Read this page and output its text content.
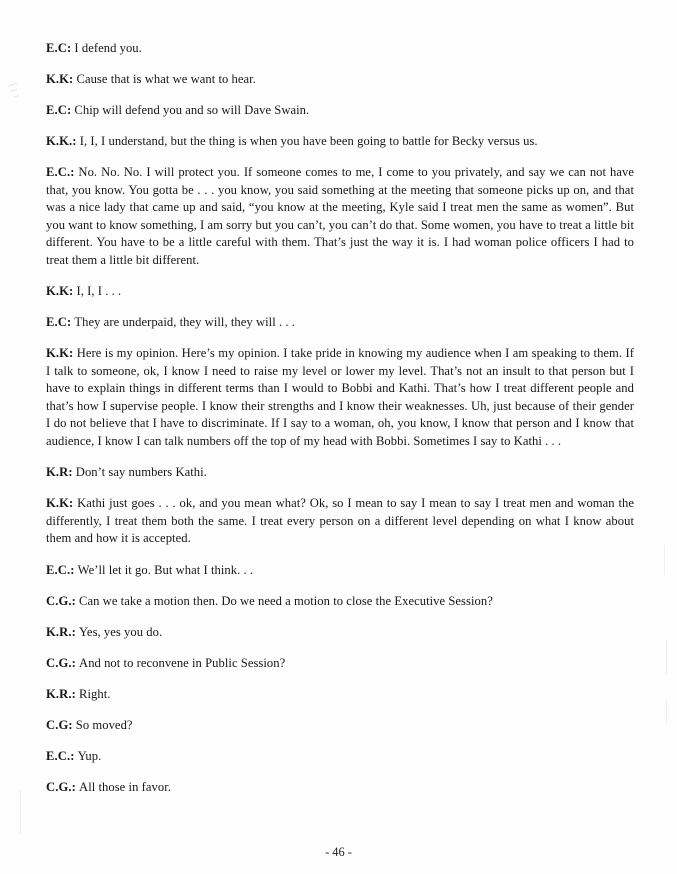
E.C: I defend you.

K.K: Cause that is what we want to hear.

E.C: Chip will defend you and so will Dave Swain.

K.K.: I, I, I understand, but the thing is when you have been going to battle for Becky versus us.

E.C.: No. No. No. I will protect you. If someone comes to me, I come to you privately, and say we can not have that, you know. You gotta be . . . you know, you said something at the meeting that someone picks up on, and that was a nice lady that came up and said, “you know at the meeting, Kyle said I treat men the same as women”. But you want to know something, I am sorry but you can’t, you can’t do that. Some women, you have to treat a little bit different. You have to be a little careful with them. That’s just the way it is. I had woman police officers I had to treat them a little bit different.

K.K: I, I, I . . .

E.C: They are underpaid, they will, they will . . .

K.K: Here is my opinion. Here’s my opinion. I take pride in knowing my audience when I am speaking to them. If I talk to someone, ok, I know I need to raise my level or lower my level. That’s not an insult to that person but I have to explain things in different terms than I would to Bobbi and Kathi. That’s how I treat different people and that’s how I supervise people. I know their strengths and I know their weaknesses. Uh, just because of their gender I do not believe that I have to discriminate. If I say to a woman, oh, you know, I know that person and I know that audience, I know I can talk numbers off the top of my head with Bobbi. Sometimes I say to Kathi . . .

K.R: Don’t say numbers Kathi.

K.K: Kathi just goes . . . ok, and you mean what? Ok, so I mean to say I mean to say I treat men and woman the differently, I treat them both the same. I treat every person on a different level depending on what I know about them and how it is accepted.

E.C.: We’ll let it go. But what I think. . .

C.G.: Can we take a motion then. Do we need a motion to close the Executive Session?

K.R.: Yes, yes you do.

C.G.: And not to reconvene in Public Session?

K.R.: Right.

C.G: So moved?

E.C.: Yup.

C.G.: All those in favor.

- 46 -
